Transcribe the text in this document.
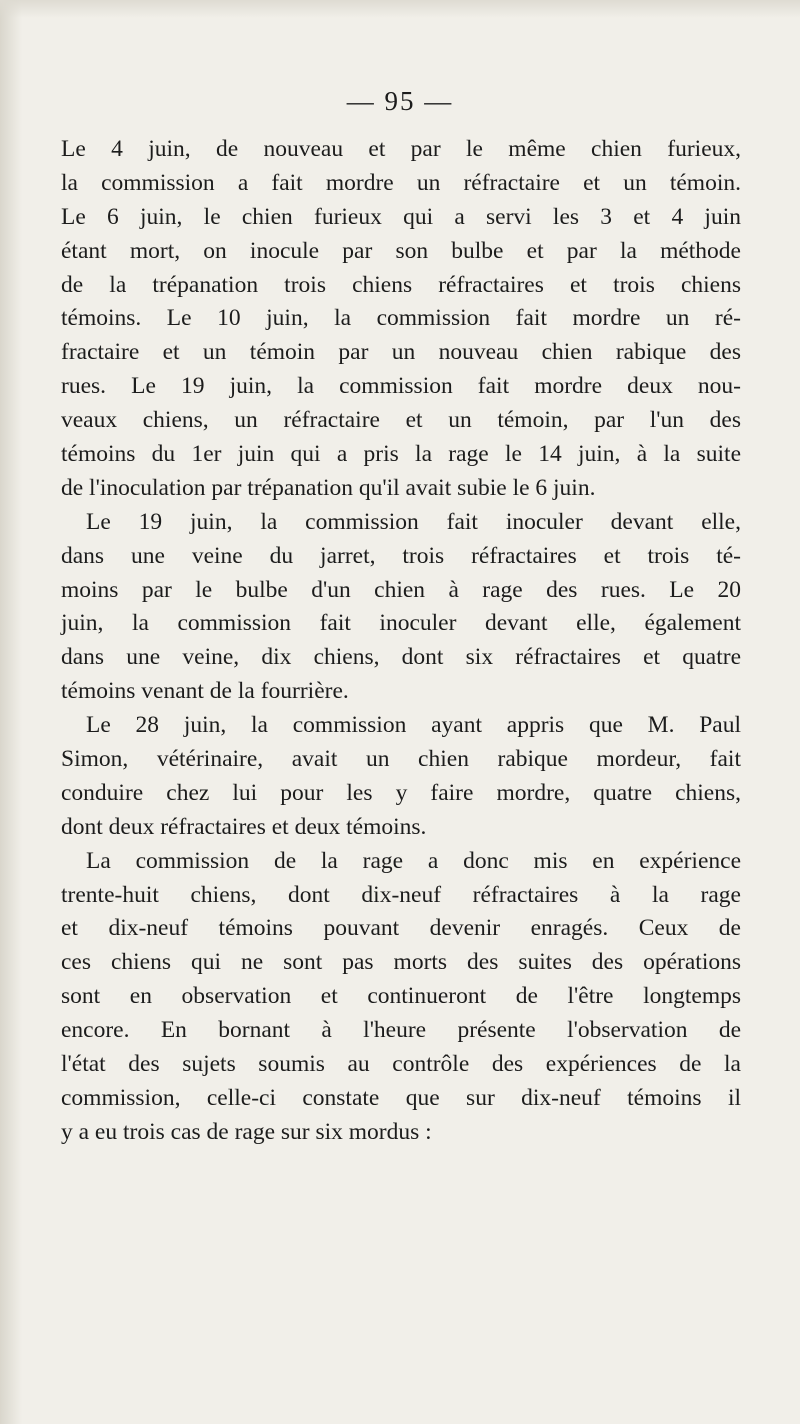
— 95 —
Le 4 juin, de nouveau et par le même chien furieux,
la commission a fait mordre un réfractaire et un témoin.
Le 6 juin, le chien furieux qui a servi les 3 et 4 juin
étant mort, on inocule par son bulbe et par la méthode
de la trépanation trois chiens réfractaires et trois chiens
témoins. Le 10 juin, la commission fait mordre un ré-
fractaire et un témoin par un nouveau chien rabique des
rues. Le 19 juin, la commission fait mordre deux nou-
veaux chiens, un réfractaire et un témoin, par l'un des
témoins du 1er juin qui a pris la rage le 14 juin, à la suite
de l'inoculation par trépanation qu'il avait subie le 6 juin.
Le 19 juin, la commission fait inoculer devant elle,
dans une veine du jarret, trois réfractaires et trois té-
moins par le bulbe d'un chien à rage des rues. Le 20
juin, la commission fait inoculer devant elle, également
dans une veine, dix chiens, dont six réfractaires et quatre
témoins venant de la fourrière.
Le 28 juin, la commission ayant appris que M. Paul
Simon, vétérinaire, avait un chien rabique mordeur, fait
conduire chez lui pour les y faire mordre, quatre chiens,
dont deux réfractaires et deux témoins.
La commission de la rage a donc mis en expérience
trente-huit chiens, dont dix-neuf réfractaires à la rage
et dix-neuf témoins pouvant devenir enragés. Ceux de
ces chiens qui ne sont pas morts des suites des opérations
sont en observation et continueront de l'être longtemps
encore. En bornant à l'heure présente l'observation de
l'état des sujets soumis au contrôle des expériences de la
commission, celle-ci constate que sur dix-neuf témoins il
y a eu trois cas de rage sur six mordus :
